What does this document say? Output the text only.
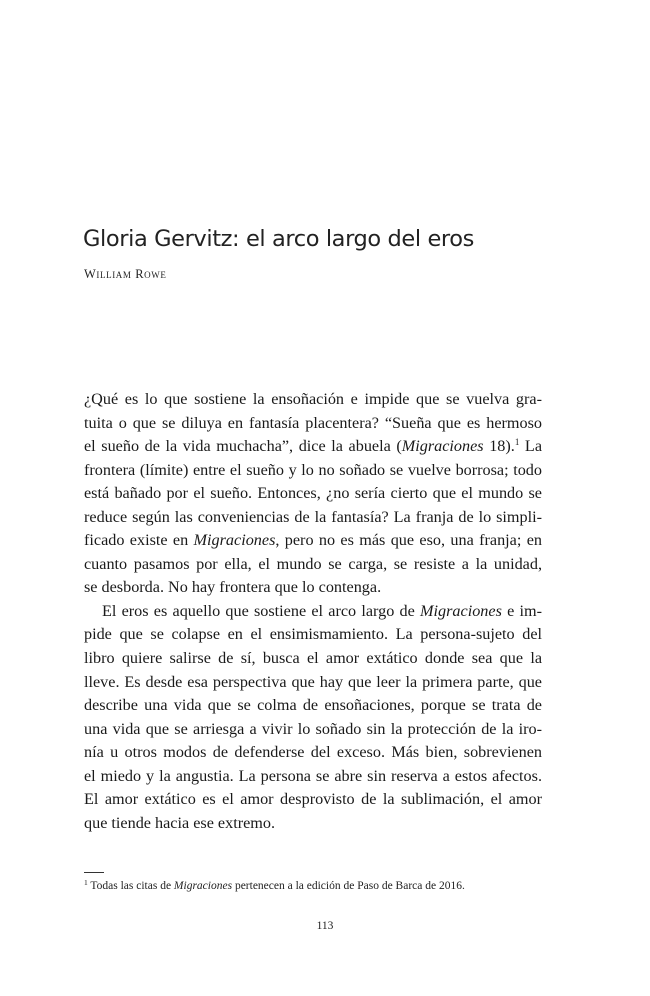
Gloria Gervitz: el arco largo del eros

William Rowe

¿Qué es lo que sostiene la ensoñación e impide que se vuelva gra-
tuita o que se diluya en fantasía placentera? “Sueña que es hermoso
el sueño de la vida muchacha”, dice la abuela (Migraciones 18).$^1$ La
frontera (límite) entre el sueño y lo no soñado se vuelve borrosa; todo
está bañado por el sueño. Entonces, ¿no sería cierto que el mundo se
reduce según las conveniencias de la fantasía? La franja de lo simpli-
ficado existe en Migraciones, pero no es más que eso, una franja; en
cuanto pasamos por ella, el mundo se carga, se resiste a la unidad,
se desborda. No hay frontera que lo contenga.
El eros es aquello que sostiene el arco largo de Migraciones e im-
pide que se colapse en el ensimismamiento. La persona-sujeto del
libro quiere salirse de sí, busca el amor extático donde sea que la
lleve. Es desde esa perspectiva que hay que leer la primera parte, que
describe una vida que se colma de ensoñaciones, porque se trata de
una vida que se arriesga a vivir lo soñado sin la protección de la iro-
nía u otros modos de defenderse del exceso. Más bien, sobrevienen
el miedo y la angustia. La persona se abre sin reserva a estos afectos.
El amor extático es el amor desprovisto de la sublimación, el amor
que tiende hacia ese extremo.
$^1$ Todas las citas de Migraciones pertenecen a la edición de Paso de Barca de 2016.

113
